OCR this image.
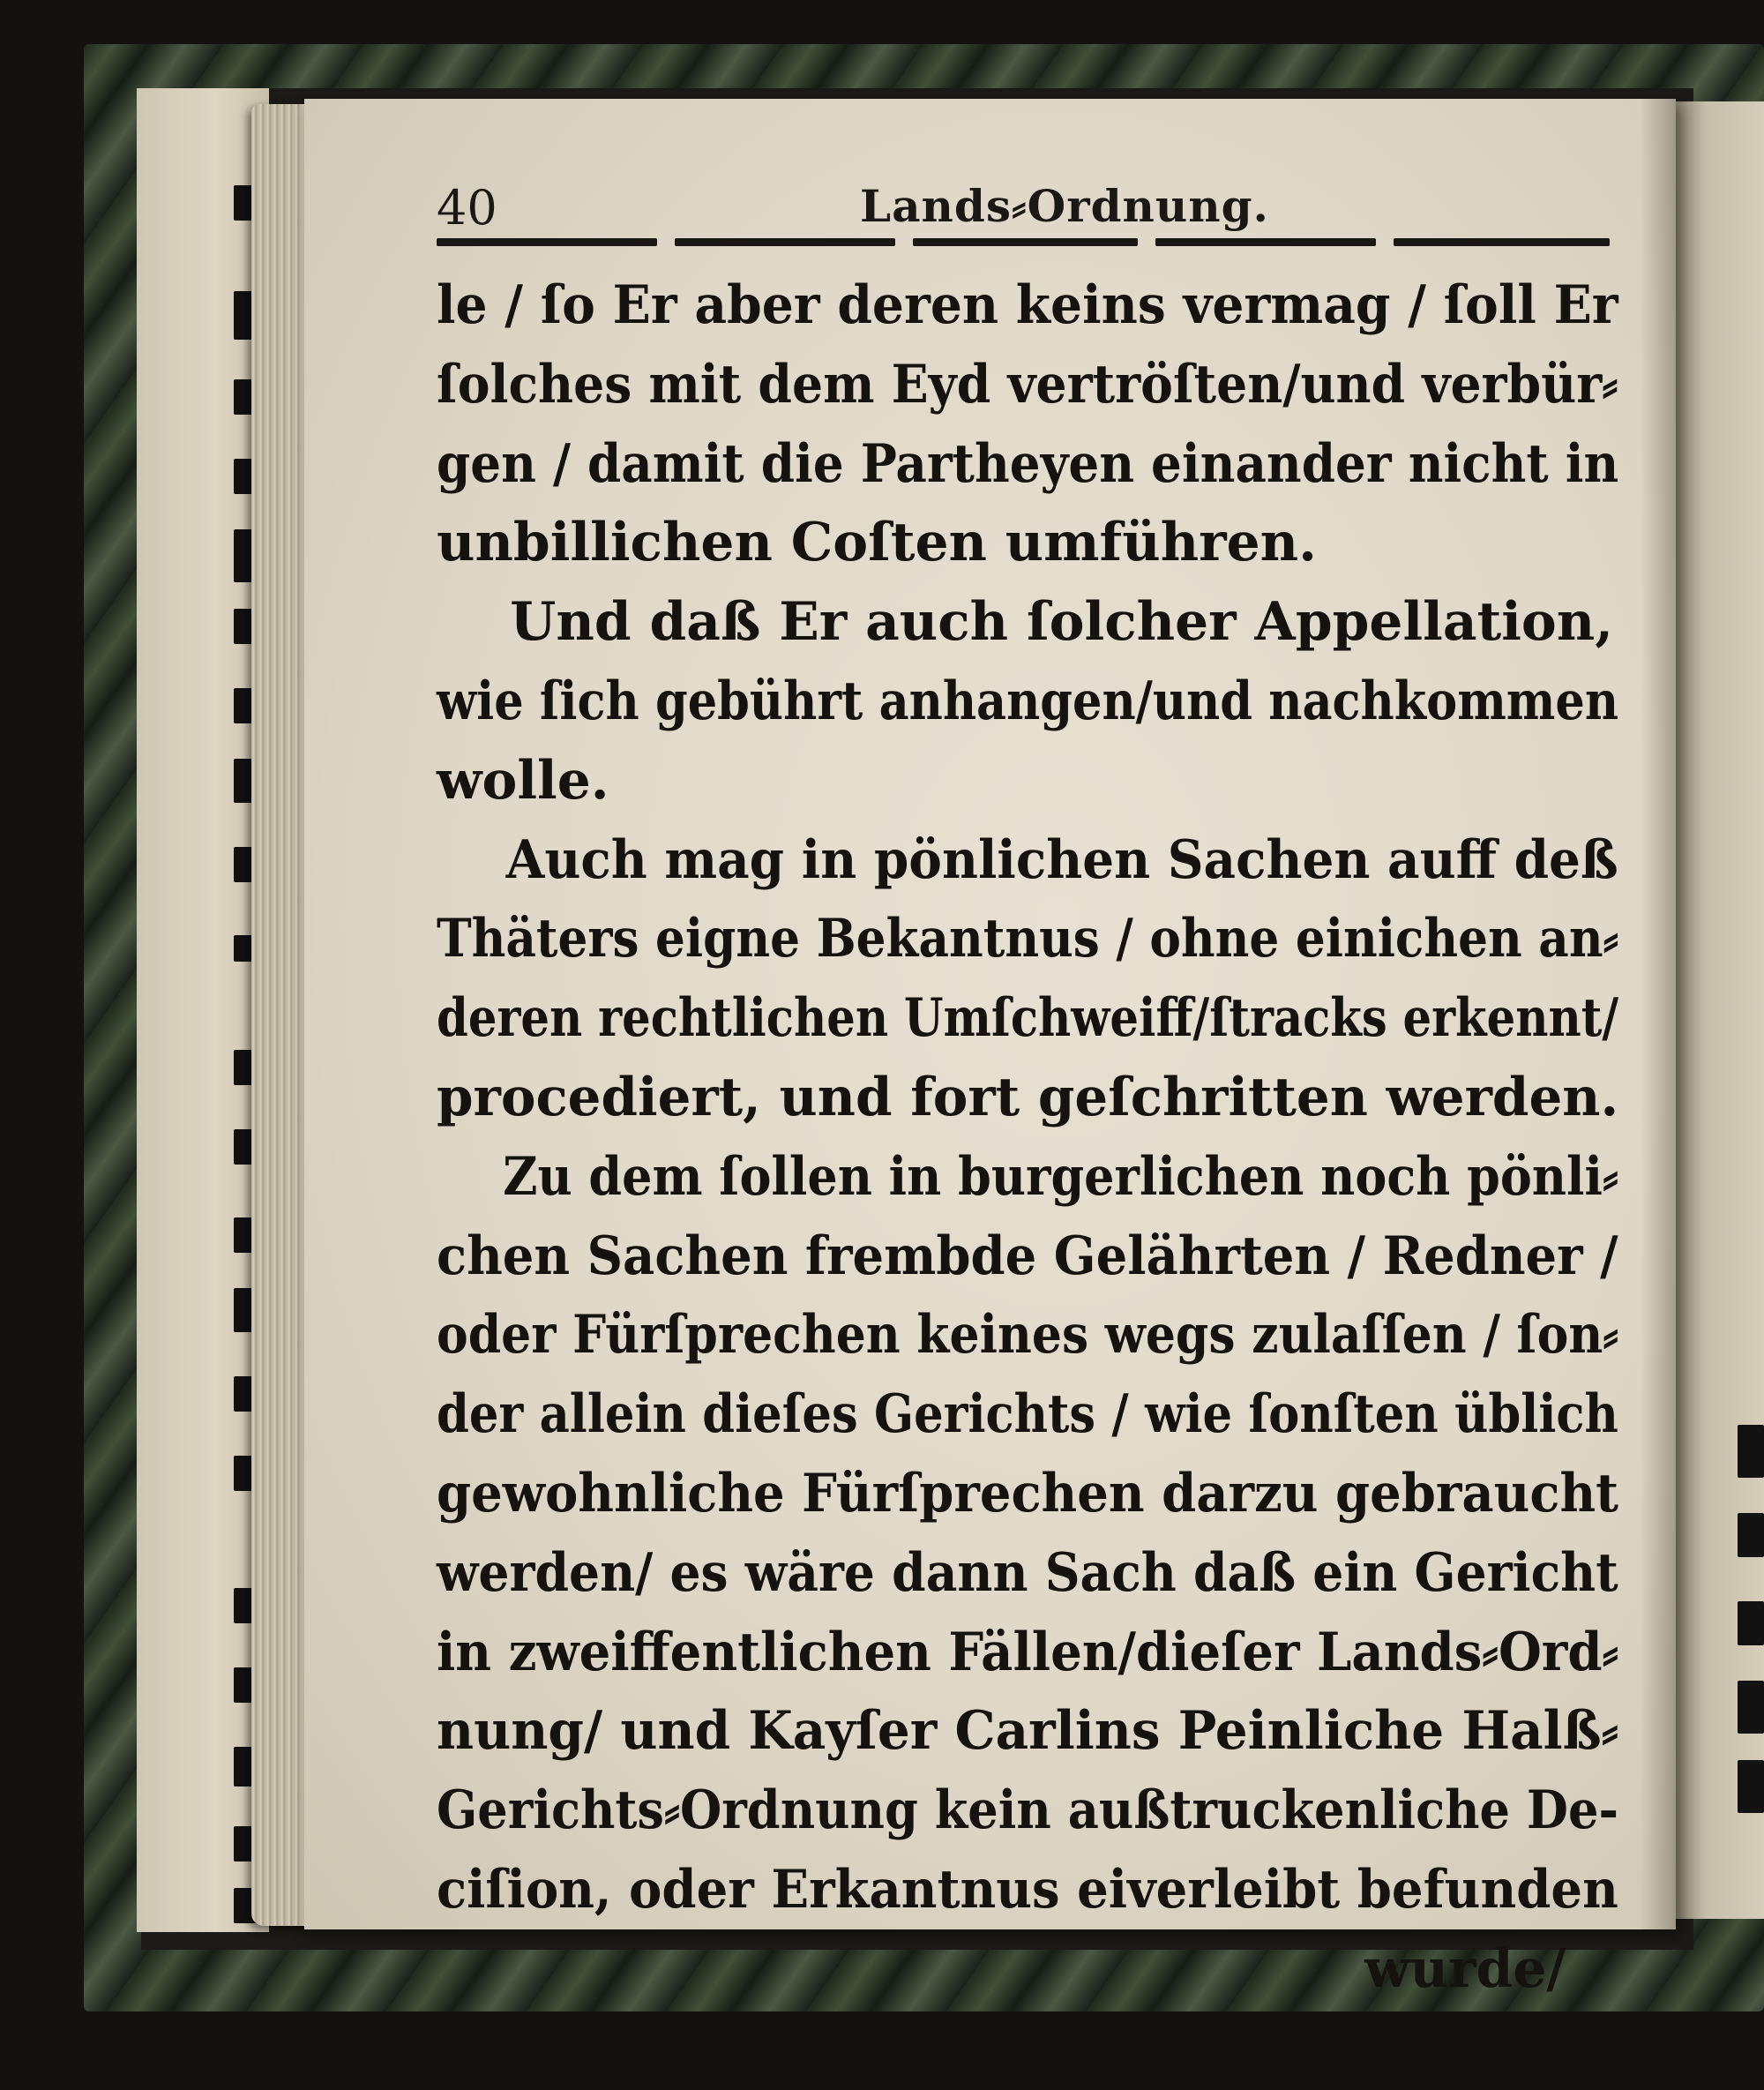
40	Lands⸗Ordnung.
le / ſo Er aber deren keins vermag / ſoll Er
ſolches mit dem Eyd vertröſten/und verbür⸗
gen / damit die Partheyen einander nicht in
unbillichen Coſten umführen.
Und daß Er auch ſolcher Appellation,
wie ſich gebührt anhangen/und nachkommen
wolle.
Auch mag in pönlichen Sachen auff deß
Thäters eigne Bekantnus / ohne einichen an⸗
deren rechtlichen Umſchweiff/ſtracks erkennt/
procediert, und fort geſchritten werden.
Zu dem ſollen in burgerlichen noch pönli⸗
chen Sachen frembde Gelährten / Redner /
oder Fürſprechen keines wegs zulaſſen / ſon⸗
der allein dieſes Gerichts / wie ſonſten üblich
gewohnliche Fürſprechen darzu gebraucht
werden/ es wäre dann Sach daß ein Gericht
in zweiffentlichen Fällen/dieſer Lands⸗Ord⸗
nung/ und Kayſer Carlins Peinliche Halß⸗
Gerichts⸗Ordnung kein außtruckenliche De-
ciſion, oder Erkantnus eiverleibt befunden
wurde/
